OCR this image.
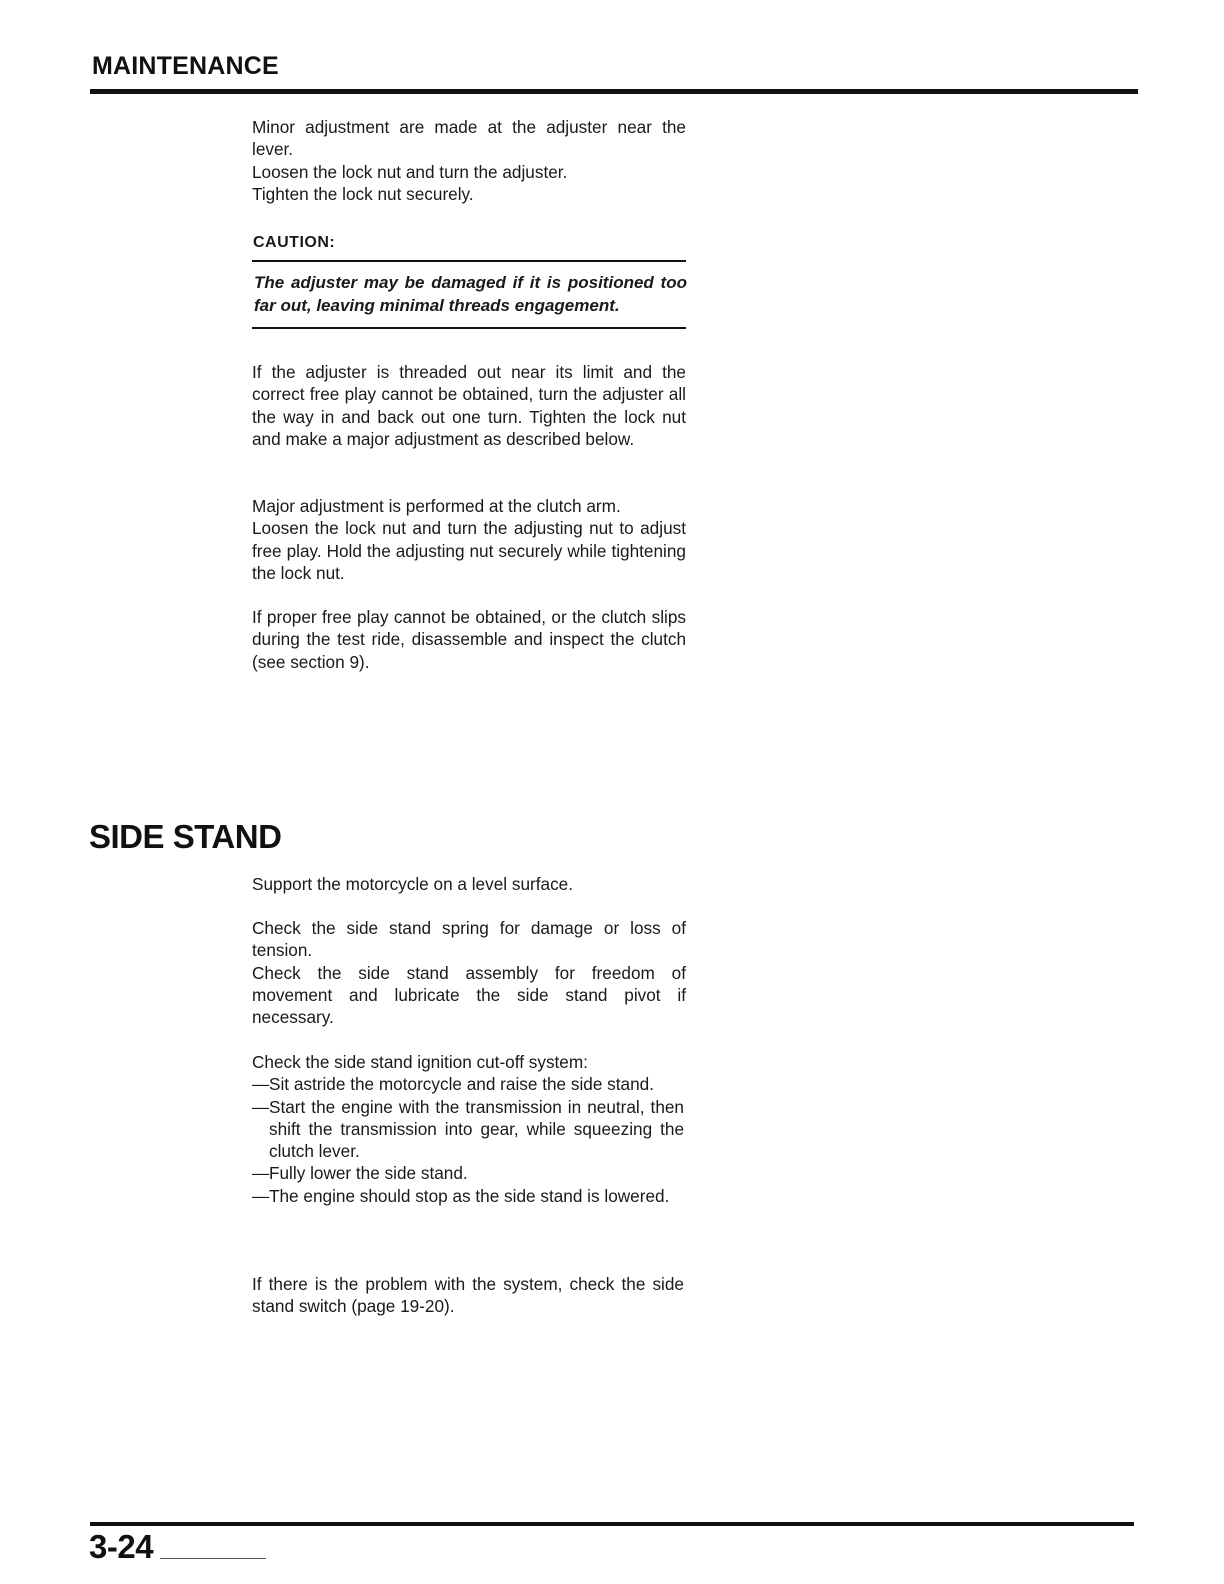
MAINTENANCE

Minor adjustment are made at the adjuster near the lever.

Loosen the lock nut and turn the adjuster.

Tighten the lock nut securely.

CAUTION:
The adjuster may be damaged if it is positioned too far out, leaving minimal threads engagement.

If the adjuster is threaded out near its limit and the correct free play cannot be obtained, turn the adjuster all the way in and back out one turn. Tighten the lock nut and make a major adjustment as described below.

Major adjustment is performed at the clutch arm.

Loosen the lock nut and turn the adjusting nut to adjust free play. Hold the adjusting nut securely while tightening the lock nut.

If proper free play cannot be obtained, or the clutch slips during the test ride, disassemble and inspect the clutch (see section 9).

SIDE STAND

Support the motorcycle on a level surface.

Check the side stand spring for damage or loss of tension.

Check the side stand assembly for freedom of movement and lubricate the side stand pivot if necessary.

Check the side stand ignition cut-off system:

— Sit astride the motorcycle and raise the side stand.
— Start the engine with the transmission in neutral, then shift the transmission into gear, while squeezing the clutch lever.
— Fully lower the side stand.
— The engine should stop as the side stand is lowered.

If there is the problem with the system, check the side stand switch (page 19-20).

3-24
